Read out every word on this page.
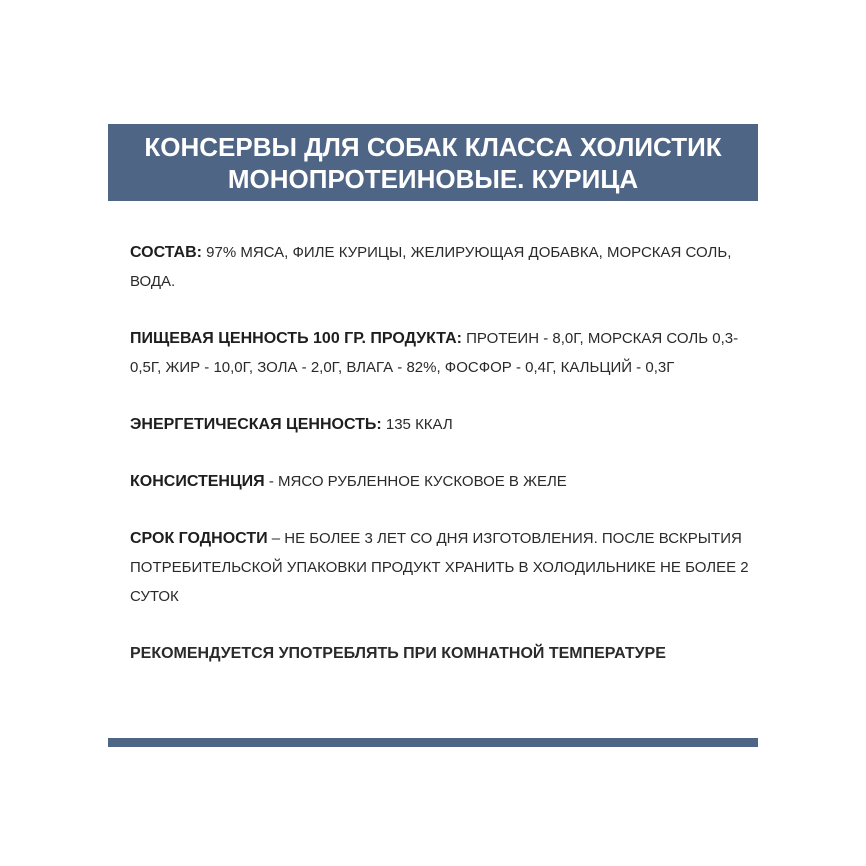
КОНСЕРВЫ ДЛЯ СОБАК КЛАССА ХОЛИСТИК
МОНОПРОТЕИНОВЫЕ. КУРИЦА

СОСТАВ: 97% МЯСА, ФИЛЕ КУРИЦЫ, ЖЕЛИРУЮЩАЯ ДОБАВКА, МОРСКАЯ СОЛЬ, ВОДА.

ПИЩЕВАЯ ЦЕННОСТЬ 100 ГР. ПРОДУКТА: ПРОТЕИН - 8,0Г, МОРСКАЯ СОЛЬ 0,3-0,5Г, ЖИР - 10,0Г, ЗОЛА - 2,0Г, ВЛАГА - 82%, ФОСФОР - 0,4Г, КАЛЬЦИЙ - 0,3Г

ЭНЕРГЕТИЧЕСКАЯ ЦЕННОСТЬ: 135 ККАЛ

КОНСИСТЕНЦИЯ - МЯСО РУБЛЕННОЕ КУСКОВОЕ В ЖЕЛЕ

СРОК ГОДНОСТИ – НЕ БОЛЕЕ 3 ЛЕТ СО ДНЯ ИЗГОТОВЛЕНИЯ. ПОСЛЕ ВСКРЫТИЯ ПОТРЕБИТЕЛЬСКОЙ УПАКОВКИ ПРОДУКТ ХРАНИТЬ В ХОЛОДИЛЬНИКЕ НЕ БОЛЕЕ 2 СУТОК

РЕКОМЕНДУЕТСЯ УПОТРЕБЛЯТЬ ПРИ КОМНАТНОЙ ТЕМПЕРАТУРЕ
